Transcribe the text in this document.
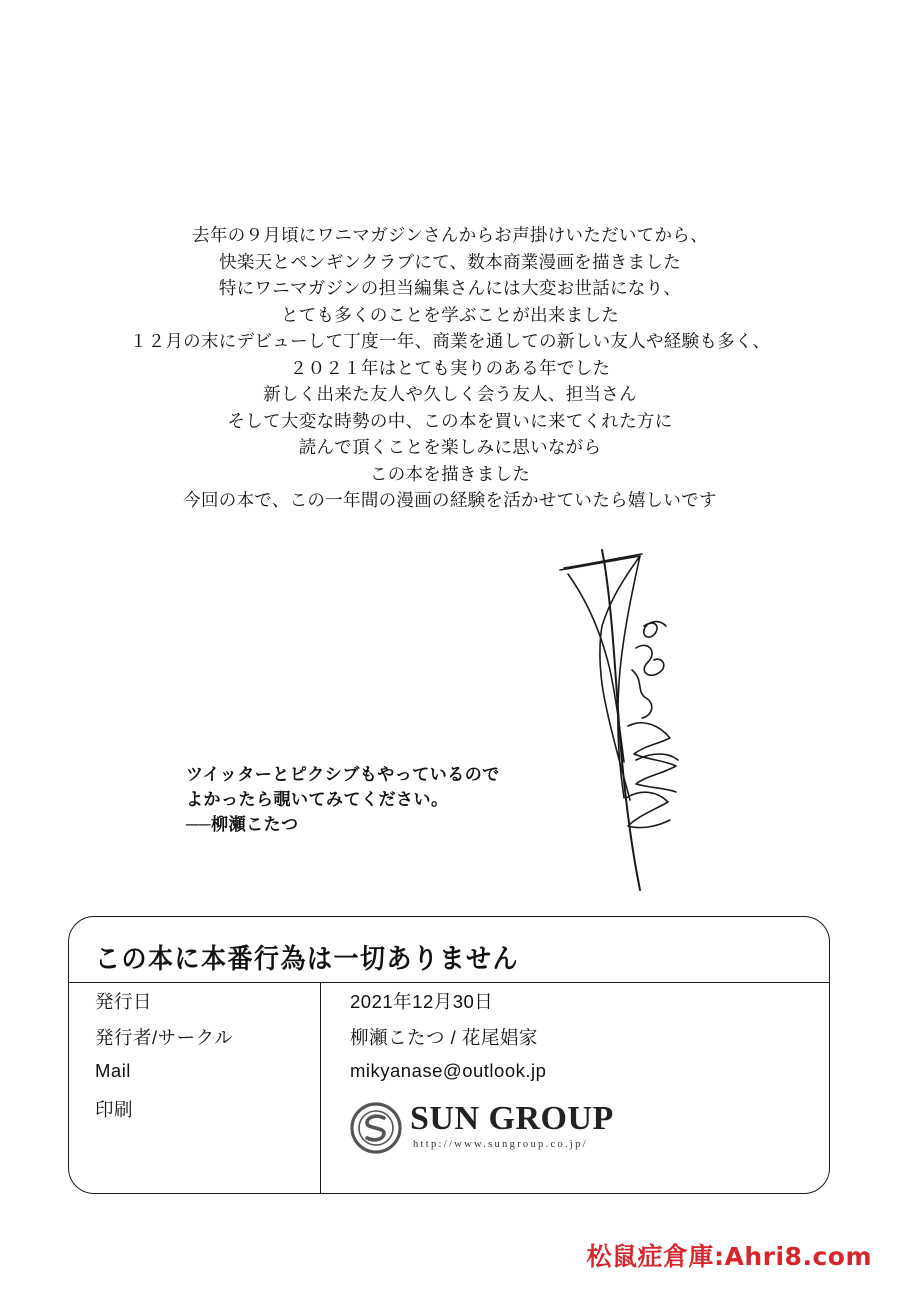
去年の９月頃にワニマガジンさんからお声掛けいただいてから、

快楽天とペンギンクラブにて、数本商業漫画を描きました

特にワニマガジンの担当編集さんには大変お世話になり、

とても多くのことを学ぶことが出来ました

１２月の末にデビューして丁度一年、商業を通しての新しい友人や経験も多く、

２０２１年はとても実りのある年でした

新しく出来た友人や久しく会う友人、担当さん

そして大変な時勢の中、この本を買いに来てくれた方に

読んで頂くことを楽しみに思いながら

この本を描きました

今回の本で、この一年間の漫画の経験を活かせていたら嬉しいです

ツイッターとピクシブもやっているので

よかったら覗いてみてください。

──柳瀬こたつ

この本に本番行為は一切ありません
発行日	2021年12月30日
発行者/サークル	柳瀬こたつ / 花尾娼家
Mail	mikyanase@outlook.jp
印刷	SUN GROUP
http://www.sungroup.co.jp/
松鼠症倉庫:Ahri8.com
